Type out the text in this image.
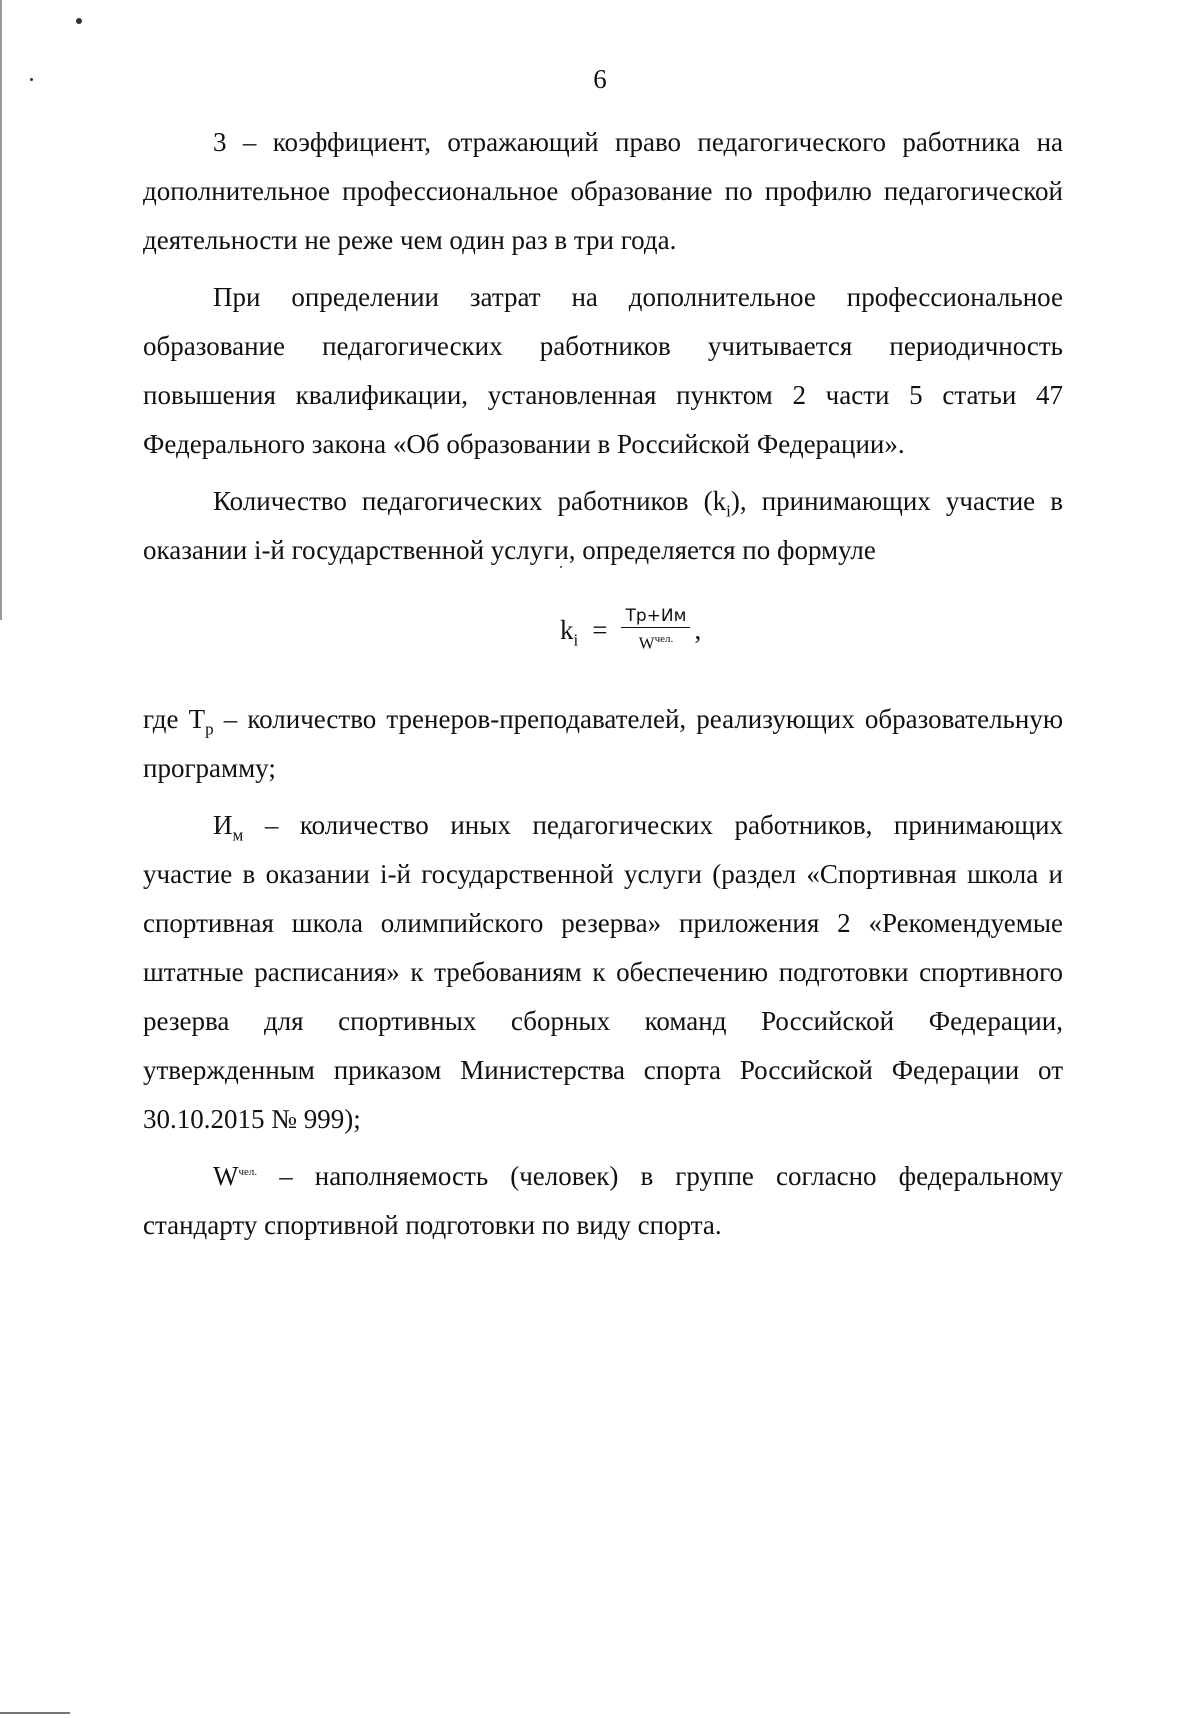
6

3 – коэффициент, отражающий право педагогического работника на дополнительное профессиональное образование по профилю педагогической деятельности не реже чем один раз в три года.

При определении затрат на дополнительное профессиональное образование педагогических работников учитывается периодичность повышения квалификации, установленная пунктом 2 части 5 статьи 47 Федерального закона «Об образовании в Российской Федерации».

Количество педагогических работников $(k_i)$, принимающих участие в оказании i-й государственной услуги, определяется по формуле

$k_i = \frac{Тр+Им}{W^{чел.}}$ ,

где $Т_р$ – количество тренеров-преподавателей, реализующих образовательную программу;

$И_м$ – количество иных педагогических работников, принимающих участие в оказании i-й государственной услуги (раздел «Спортивная школа и спортивная школа олимпийского резерва» приложения 2 «Рекомендуемые штатные расписания» к требованиям к обеспечению подготовки спортивного резерва для спортивных сборных команд Российской Федерации, утвержденным приказом Министерства спорта Российской Федерации от 30.10.2015 № 999);

$W^{чел.}$ – наполняемость (человек) в группе согласно федеральному стандарту спортивной подготовки по виду спорта.
